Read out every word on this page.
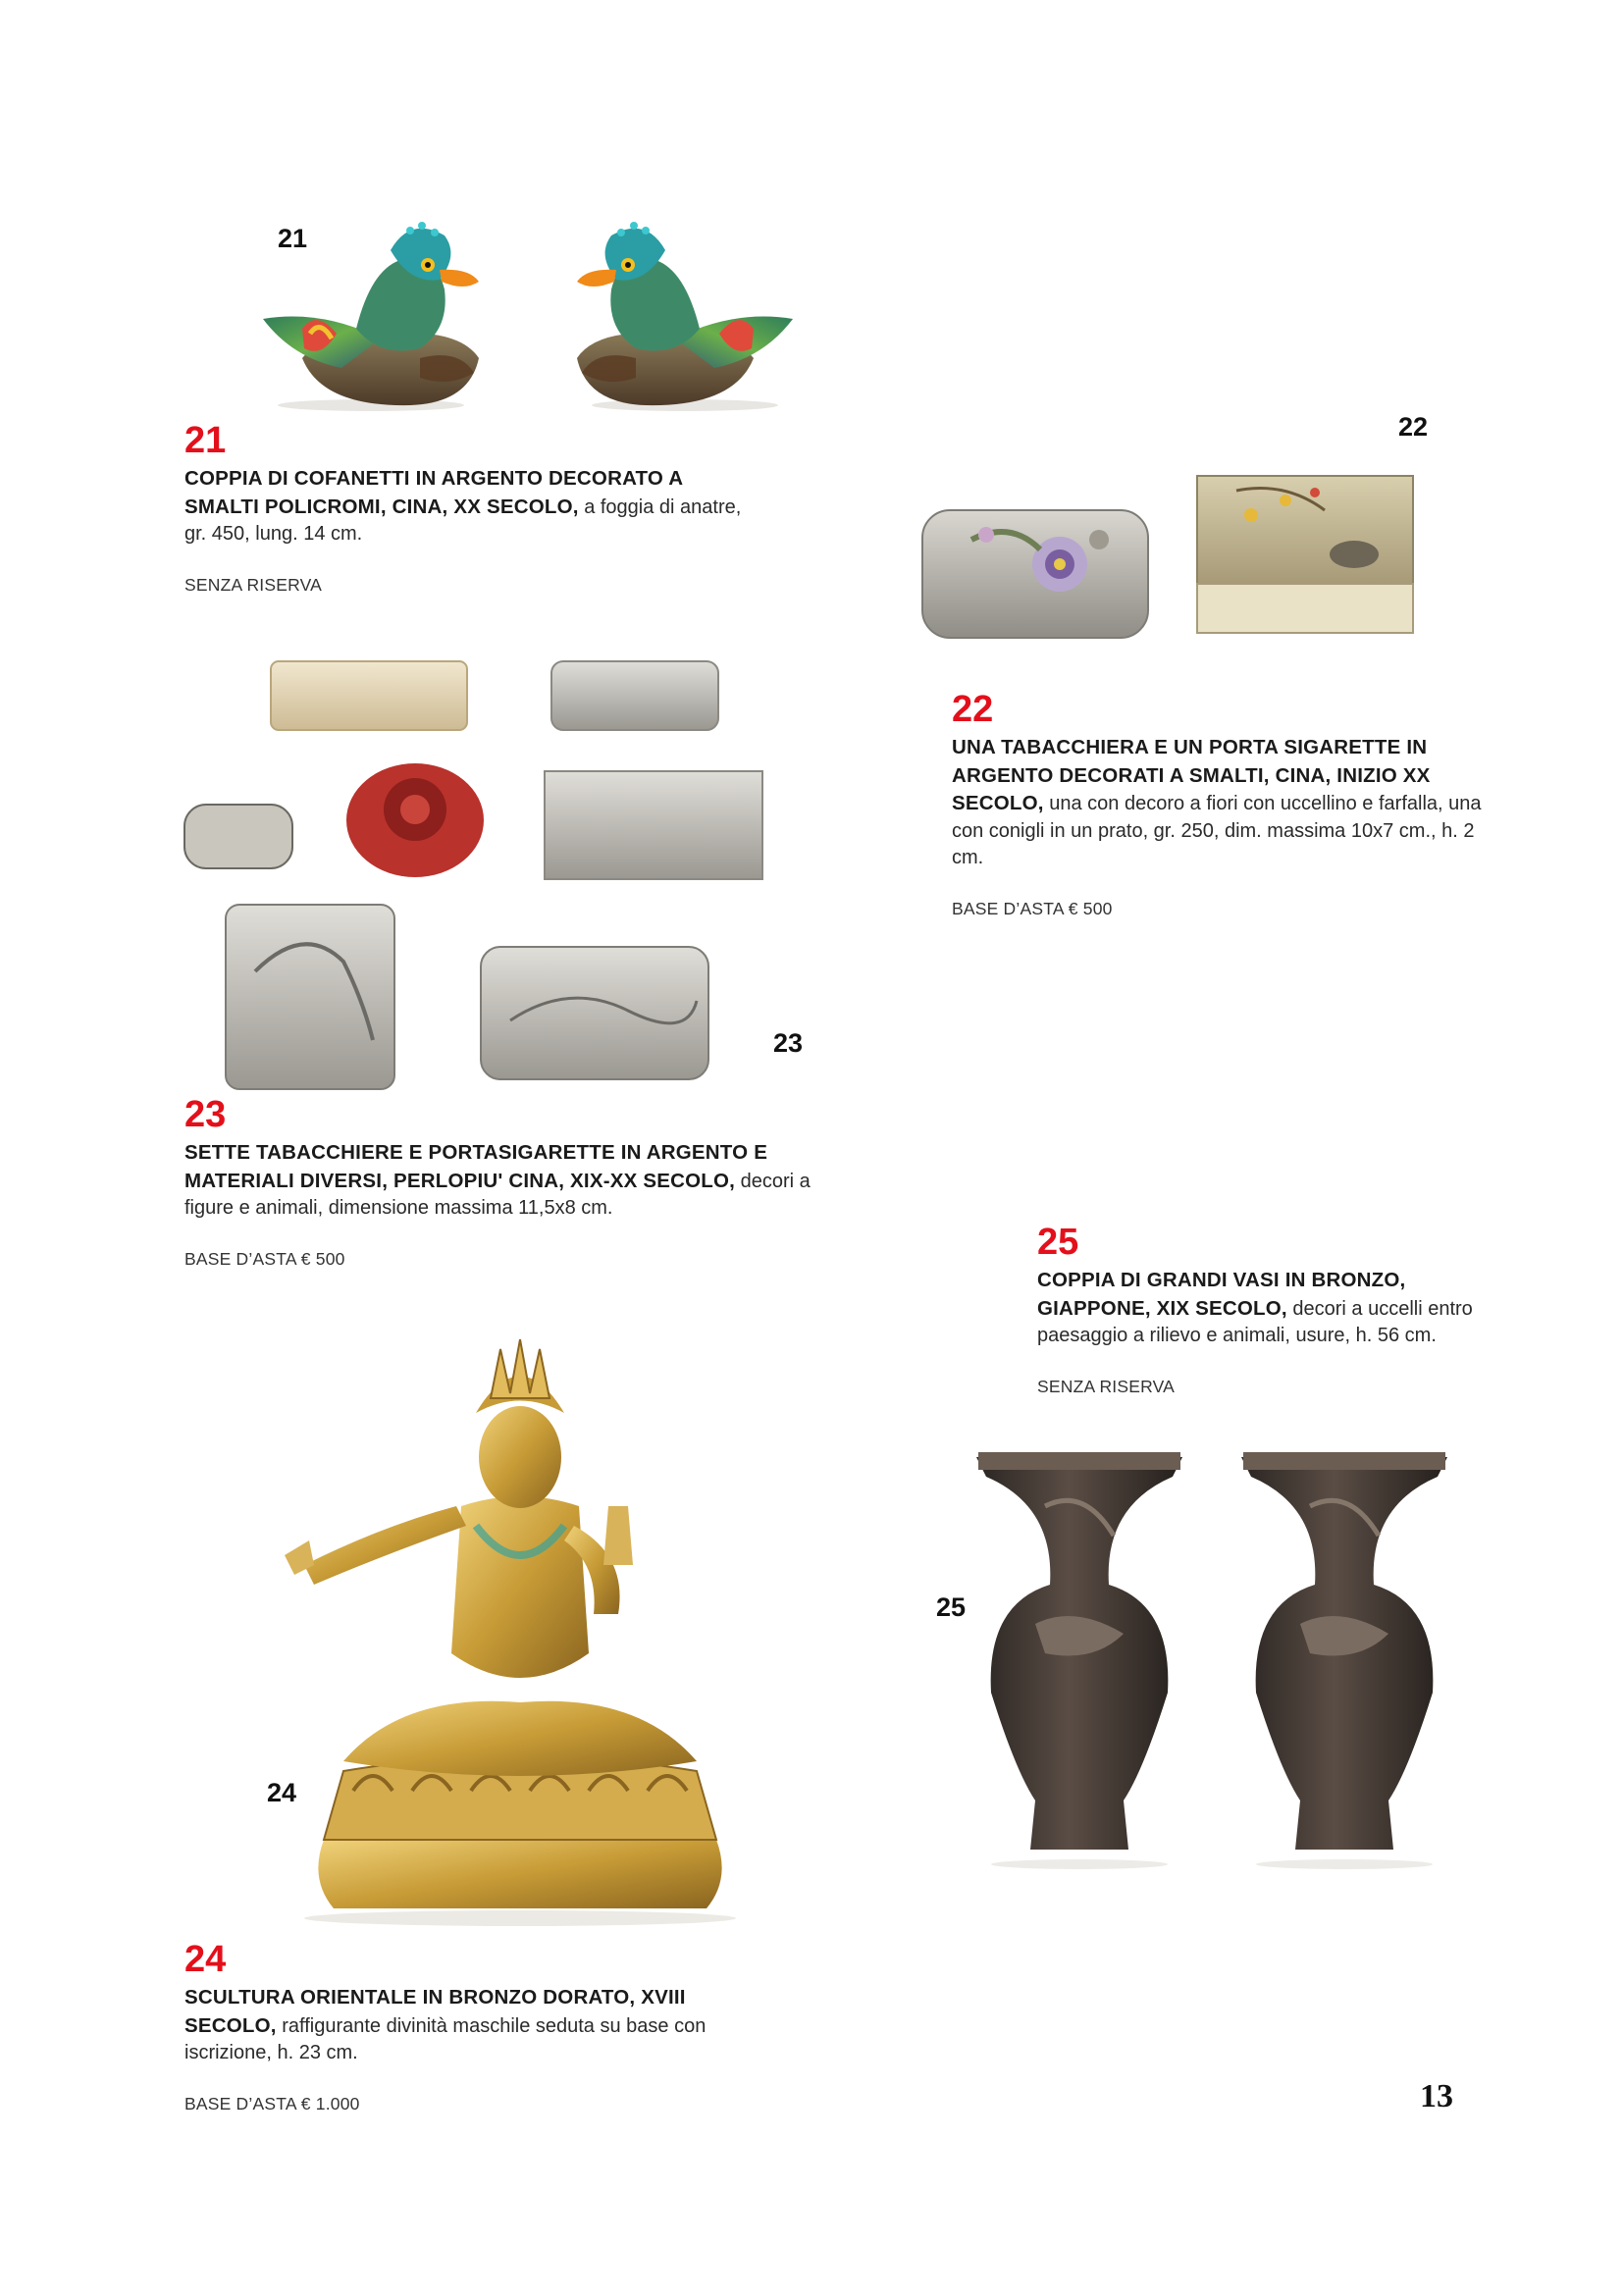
21
21
COPPIA DI COFANETTI IN ARGENTO DECORATO A SMALTI POLICROMI, CINA, XX SECOLO, a foggia di anatre, gr. 450, lung. 14 cm.
SENZA RISERVA
22
22
UNA TABACCHIERA E UN PORTA SIGARETTE IN ARGENTO DECORATI A SMALTI, CINA, INIZIO XX SECOLO, una con decoro a fiori con uccellino e farfalla, una con conigli in un prato, gr. 250, dim. massima 10x7 cm., h. 2 cm.
BASE D’ASTA € 500
23
23
SETTE TABACCHIERE E PORTASIGARETTE IN ARGENTO E MATERIALI DIVERSI, PERLOPIU' CINA, XIX-XX SECOLO, decori a figure e animali, dimensione massima 11,5x8 cm.
BASE D’ASTA € 500
24
24
SCULTURA ORIENTALE IN BRONZO DORATO, XVIII SECOLO, raffigurante divinità maschile seduta su base con iscrizione, h. 23 cm.
BASE D’ASTA € 1.000
25
COPPIA DI GRANDI VASI IN BRONZO, GIAPPONE, XIX SECOLO, decori a uccelli entro paesaggio a rilievo e animali, usure, h. 56 cm.
SENZA RISERVA
25
13
